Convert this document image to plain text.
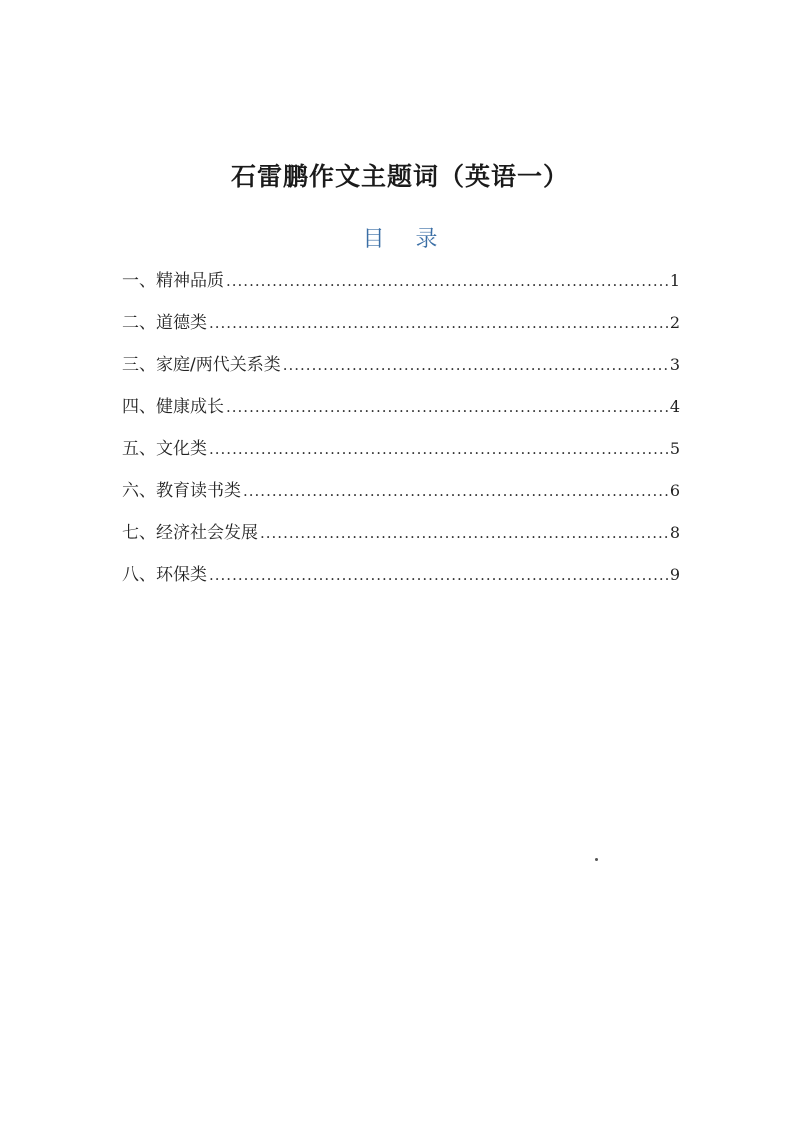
石雷鹏作文主题词（英语一）
目 录
一、精神品质 .....	1
二、道德类 .....	2
三、家庭/两代关系类 .....	3
四、健康成长 .....	4
五、文化类 .....	5
六、教育读书类 .....	6
七、经济社会发展 .....	8
八、环保类 .....	9
